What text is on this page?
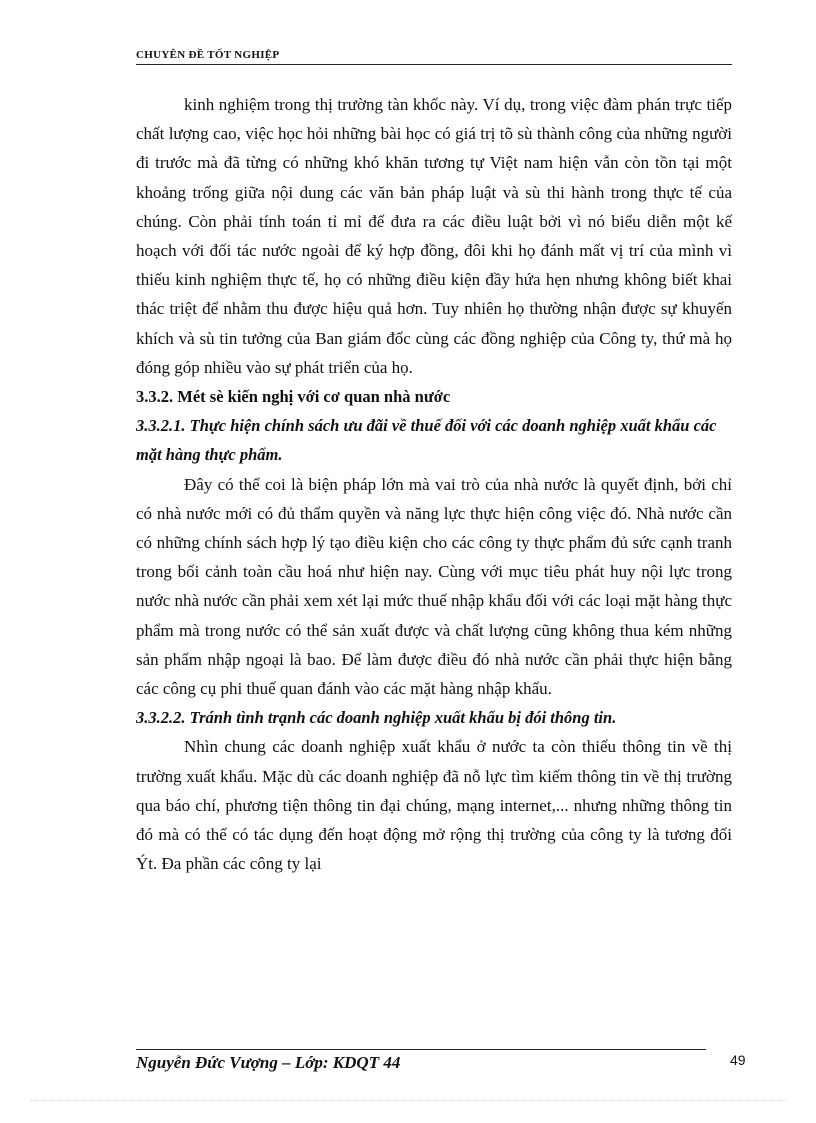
CHUYÊN ĐỀ TỐT NGHIỆP

kinh nghiệm trong thị trường tàn khốc này. Ví dụ, trong việc đàm phán trực tiếp chất lượng cao, việc học hỏi những bài học có giá trị tõ sù thành công của những người đi trước mà đã từng có những khó khăn tương tự Việt nam hiện vẫn còn tồn tại một khoảng trống giữa nội dung các văn bản pháp luật và sù thi hành trong thực tế của chúng. Còn phải tính toán tỉ mỉ để đưa ra các điều luật bởi vì nó biểu diễn một kế hoạch với đối tác nước ngoài để ký hợp đồng, đôi khi họ đánh mất vị trí của mình vì thiếu kinh nghiệm thực tế, họ có những điều kiện đầy hứa hẹn nhưng không biết khai thác triệt để nhằm thu được hiệu quả hơn. Tuy nhiên họ thường nhận được sự khuyến khích và sù tin tưởng của Ban giám đốc cùng các đồng nghiệp của Công ty, thứ mà họ đóng góp nhiều vào sự phát triển của họ.

3.3.2. Mét sè kiến nghị với cơ quan nhà nước

3.3.2.1. Thực hiện chính sách ưu đãi về thuế đối với các doanh nghiệp xuất khẩu các mặt hàng thực phẩm.

Đây có thể coi là biện pháp lớn mà vai trò của nhà nước là quyết định, bởi chỉ có nhà nước mới có đủ thẩm quyền và năng lực thực hiện công việc đó. Nhà nước cần có những chính sách hợp lý tạo điều kiện cho các công ty thực phẩm đủ sức cạnh tranh trong bối cảnh toàn cầu hoá như hiện nay. Cùng với mục tiêu phát huy nội lực trong nước nhà nước cần phải xem xét lại mức thuế nhập khẩu đối với các loại mặt hàng thực phẩm mà trong nước có thể sản xuất được và chất lượng cũng không thua kém những sản phẩm nhập ngoại là bao. Để làm được điều đó nhà nước cần phải thực hiện bằng các công cụ phi thuế quan đánh vào các mặt hàng nhập khẩu.

3.3.2.2. Tránh tình trạnh các doanh nghiệp xuất khẩu bị đói thông tin.

Nhìn chung các doanh nghiệp xuất khẩu ở nước ta còn thiếu thông tin về thị trường xuất khẩu. Mặc dù các doanh nghiệp đã nỗ lực tìm kiếm thông tin về thị trường qua báo chí, phương tiện thông tin đại chúng, mạng internet,... nhưng những thông tin đó mà có thể có tác dụng đến hoạt động mở rộng thị trường của công ty là tương đối Ýt. Đa phần các công ty lại

Nguyễn Đức Vượng – Lớp: KDQT 44	49
